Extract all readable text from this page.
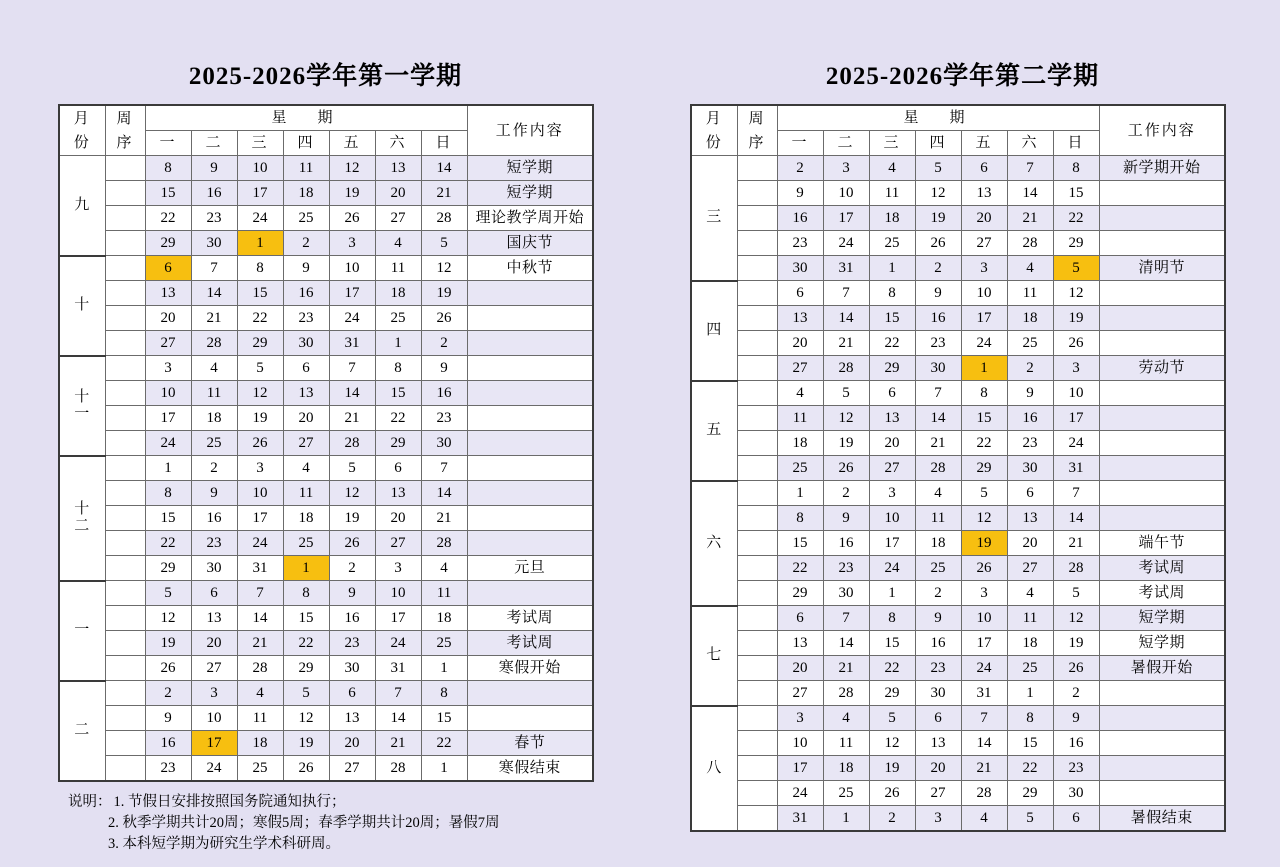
2025-2026学年第一学期
月
份	周
序	星　期							工作内容
		一	二	三	四	五	六	日	

九	1	8	9	10	11	12	13	14	短学期
	2	15	16	17	18	19	20	21	短学期
	3	22	23	24	25	26	27	28	理论教学周开始
	4	29	30	1	2	3	4	5	国庆节

十	5	6	7	8	9	10	11	12	中秋节
	6	13	14	15	16	17	18	19	
	7	20	21	22	23	24	25	26	
	8	27	28	29	30	31	1	2	

十
一	9	3	4	5	6	7	8	9	
	10	10	11	12	13	14	15	16	
	11	17	18	19	20	21	22	23	
	12	24	25	26	27	28	29	30	

十
二	13	1	2	3	4	5	6	7	
	14	8	9	10	11	12	13	14	
	15	15	16	17	18	19	20	21	
	16	22	23	24	25	26	27	28	
	17	29	30	31	1	2	3	4	元旦

一	18	5	6	7	8	9	10	11	
	19	12	13	14	15	16	17	18	考试周
	20	19	20	21	22	23	24	25	考试周
	21	26	27	28	29	30	31	1	寒假开始

二	22	2	3	4	5	6	7	8	
	23	9	10	11	12	13	14	15	
	24	16	17	18	19	20	21	22	春节
	25	23	24	25	26	27	28	1	寒假结束
说明： 1. 节假日安排按照国务院通知执行；
2. 秋季学期共计20周；寒假5周；春季学期共计20周；暑假7周
3. 本科短学期为研究生学术科研周。
2025-2026学年第二学期
月
份	周
序	星　期							工作内容
		一	二	三	四	五	六	日	

三	1	2	3	4	5	6	7	8	新学期开始
	2	9	10	11	12	13	14	15	
	3	16	17	18	19	20	21	22	
	4	23	24	25	26	27	28	29	
	5	30	31	1	2	3	4	5	清明节

四	6	6	7	8	9	10	11	12	
	7	13	14	15	16	17	18	19	
	8	20	21	22	23	24	25	26	
	9	27	28	29	30	1	2	3	劳动节

五	10	4	5	6	7	8	9	10	
	11	11	12	13	14	15	16	17	
	12	18	19	20	21	22	23	24	
	13	25	26	27	28	29	30	31	

六	14	1	2	3	4	5	6	7	
	15	8	9	10	11	12	13	14	
	16	15	16	17	18	19	20	21	端午节
	17	22	23	24	25	26	27	28	考试周
	18	29	30	1	2	3	4	5	考试周

七	19	6	7	8	9	10	11	12	短学期
	20	13	14	15	16	17	18	19	短学期
	21	20	21	22	23	24	25	26	暑假开始
	22	27	28	29	30	31	1	2	

八	23	3	4	5	6	7	8	9	
	24	10	11	12	13	14	15	16	
	25	17	18	19	20	21	22	23	
	26	24	25	26	27	28	29	30	
	27	31	1	2	3	4	5	6	暑假结束
